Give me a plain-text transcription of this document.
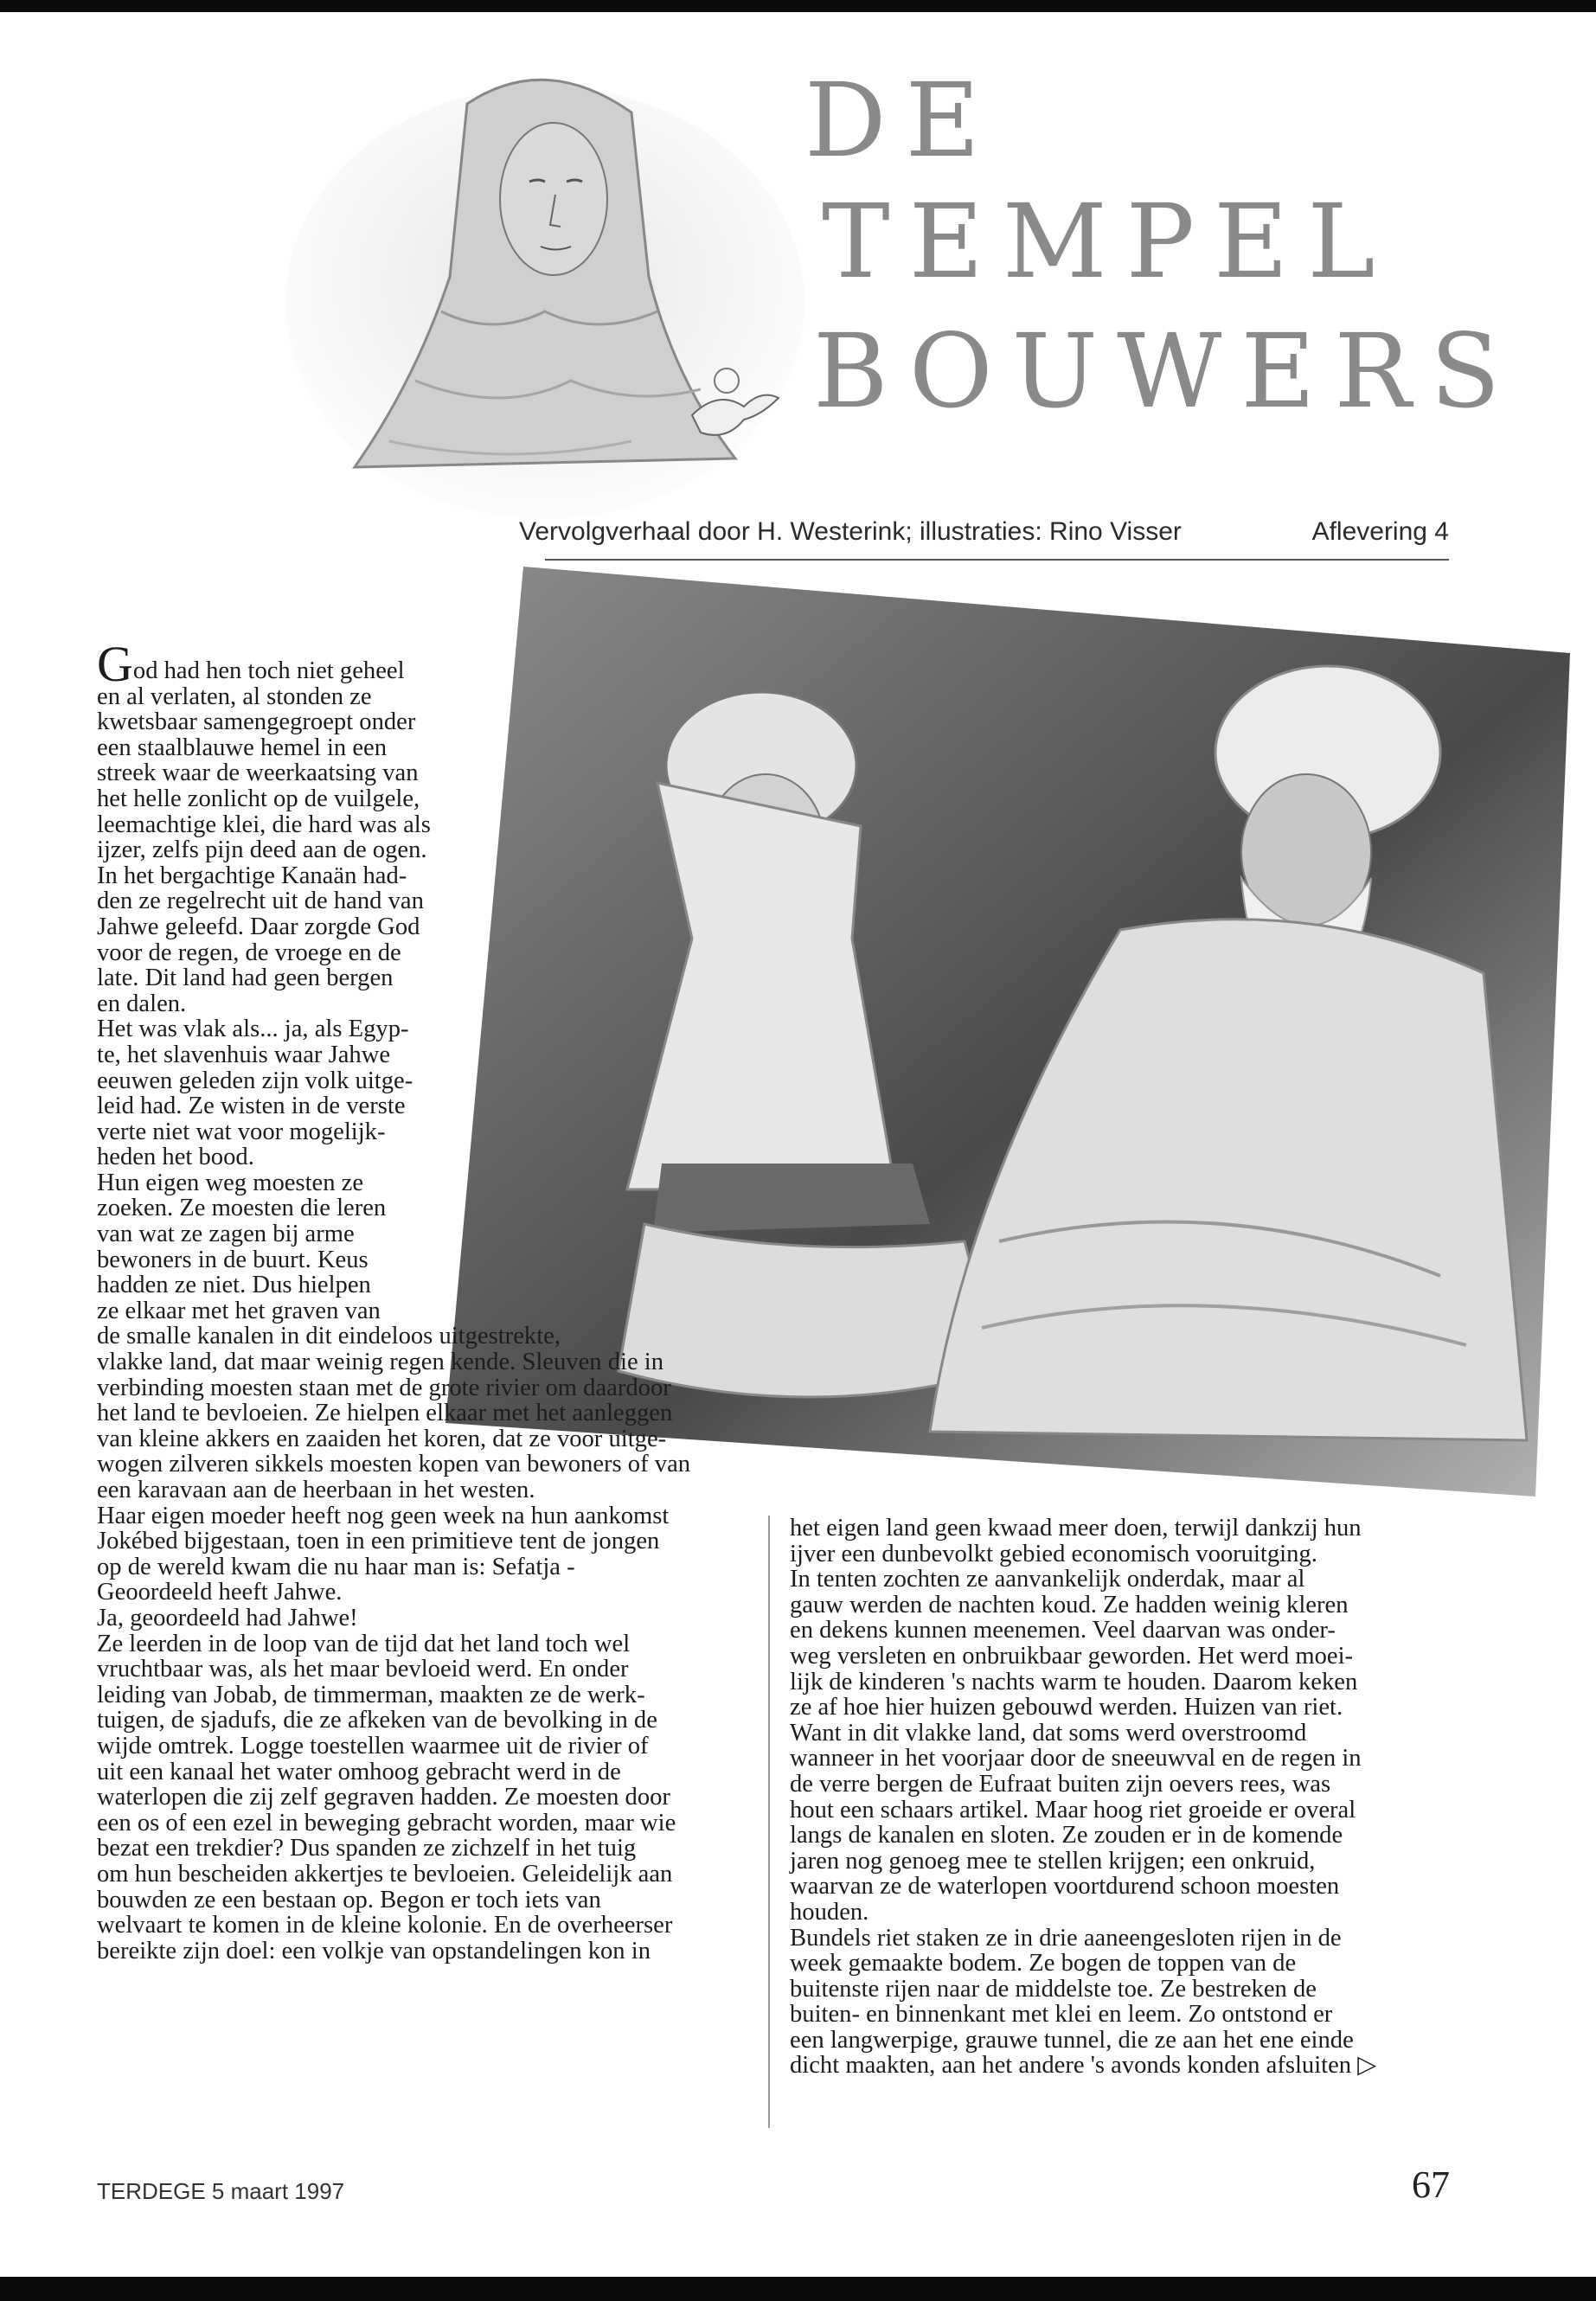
DE
TEMPEL
BOUWERS
Vervolgverhaal door H. Westerink; illustraties: Rino Visser	Aflevering 4

God had hen toch niet geheel

en al verlaten, al stonden ze
kwetsbaar samengegroept onder
een staalblauwe hemel in een
streek waar de weerkaatsing van
het helle zonlicht op de vuilgele,
leemachtige klei, die hard was als
ijzer, zelfs pijn deed aan de ogen.
In het bergachtige Kanaän had-
den ze regelrecht uit de hand van
Jahwe geleefd. Daar zorgde God
voor de regen, de vroege en de
late. Dit land had geen bergen
en dalen.
Het was vlak als... ja, als Egyp-
te, het slavenhuis waar Jahwe
eeuwen geleden zijn volk uitge-
leid had. Ze wisten in de verste
verte niet wat voor mogelijk-
heden het bood.
Hun eigen weg moesten ze
zoeken. Ze moesten die leren
van wat ze zagen bij arme
bewoners in de buurt. Keus
hadden ze niet. Dus hielpen
ze elkaar met het graven van
de smalle kanalen in dit eindeloos uitgestrekte,
vlakke land, dat maar weinig regen kende. Sleuven die in
verbinding moesten staan met de grote rivier om daardoor
het land te bevloeien. Ze hielpen elkaar met het aanleggen
van kleine akkers en zaaiden het koren, dat ze voor uitge-
wogen zilveren sikkels moesten kopen van bewoners of van
een karavaan aan de heerbaan in het westen.
Haar eigen moeder heeft nog geen week na hun aankomst
Jokébed bijgestaan, toen in een primitieve tent de jongen
op de wereld kwam die nu haar man is: Sefatja -
Geoordeeld heeft Jahwe.
Ja, geoordeeld had Jahwe!
Ze leerden in de loop van de tijd dat het land toch wel
vruchtbaar was, als het maar bevloeid werd. En onder
leiding van Jobab, de timmerman, maakten ze de werk-
tuigen, de sjadufs, die ze afkeken van de bevolking in de
wijde omtrek. Logge toestellen waarmee uit de rivier of
uit een kanaal het water omhoog gebracht werd in de
waterlopen die zij zelf gegraven hadden. Ze moesten door
een os of een ezel in beweging gebracht worden, maar wie
bezat een trekdier? Dus spanden ze zichzelf in het tuig
om hun bescheiden akkertjes te bevloeien. Geleidelijk aan
bouwden ze een bestaan op. Begon er toch iets van
welvaart te komen in de kleine kolonie. En de overheerser
bereikte zijn doel: een volkje van opstandelingen kon in
het eigen land geen kwaad meer doen, terwijl dankzij hun
ijver een dunbevolkt gebied economisch vooruitging.
In tenten zochten ze aanvankelijk onderdak, maar al
gauw werden de nachten koud. Ze hadden weinig kleren
en dekens kunnen meenemen. Veel daarvan was onder-
weg versleten en onbruikbaar geworden. Het werd moei-
lijk de kinderen 's nachts warm te houden. Daarom keken
ze af hoe hier huizen gebouwd werden. Huizen van riet.
Want in dit vlakke land, dat soms werd overstroomd
wanneer in het voorjaar door de sneeuwval en de regen in
de verre bergen de Eufraat buiten zijn oevers rees, was
hout een schaars artikel. Maar hoog riet groeide er overal
langs de kanalen en sloten. Ze zouden er in de komende
jaren nog genoeg mee te stellen krijgen; een onkruid,
waarvan ze de waterlopen voortdurend schoon moesten
houden.
Bundels riet staken ze in drie aaneengesloten rijen in de
week gemaakte bodem. Ze bogen de toppen van de
buitenste rijen naar de middelste toe. Ze bestreken de
buiten- en binnenkant met klei en leem. Zo ontstond er
een langwerpige, grauwe tunnel, die ze aan het ene einde
dicht maakten, aan het andere 's avonds konden afsluiten ▷
TERDEGE 5 maart 1997	67
